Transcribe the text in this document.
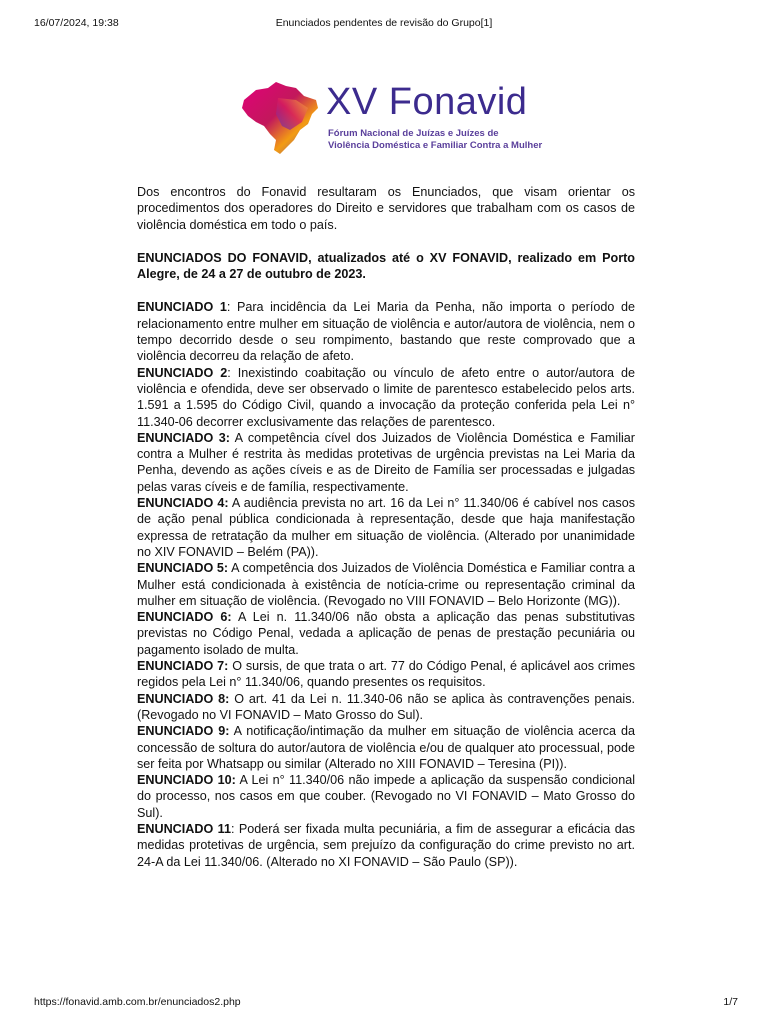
16/07/2024, 19:38	Enunciados pendentes de revisão do Grupo[1]
XV Fonavid
Fórum Nacional de Juízas e Juízes de
Violência Doméstica e Familiar Contra a Mulher

Dos encontros do Fonavid resultaram os Enunciados, que visam orientar os procedimentos dos operadores do Direito e servidores que trabalham com os casos de violência doméstica em todo o país.

ENUNCIADOS DO FONAVID, atualizados até o XV FONAVID, realizado em Porto Alegre, de 24 a 27 de outubro de 2023.

ENUNCIADO 1: Para incidência da Lei Maria da Penha, não importa o período de relacionamento entre mulher em situação de violência e autor/autora de violência, nem o tempo decorrido desde o seu rompimento, bastando que reste comprovado que a violência decorreu da relação de afeto.

ENUNCIADO 2: Inexistindo coabitação ou vínculo de afeto entre o autor/autora de violência e ofendida, deve ser observado o limite de parentesco estabelecido pelos arts. 1.591 a 1.595 do Código Civil, quando a invocação da proteção conferida pela Lei n° 11.340-06 decorrer exclusivamente das relações de parentesco.

ENUNCIADO 3: A competência cível dos Juizados de Violência Doméstica e Familiar contra a Mulher é restrita às medidas protetivas de urgência previstas na Lei Maria da Penha, devendo as ações cíveis e as de Direito de Família ser processadas e julgadas pelas varas cíveis e de família, respectivamente.

ENUNCIADO 4: A audiência prevista no art. 16 da Lei n° 11.340/06 é cabível nos casos de ação penal pública condicionada à representação, desde que haja manifestação expressa de retratação da mulher em situação de violência. (Alterado por unanimidade no XIV FONAVID – Belém (PA)).

ENUNCIADO 5: A competência dos Juizados de Violência Doméstica e Familiar contra a Mulher está condicionada à existência de notícia-crime ou representação criminal da mulher em situação de violência. (Revogado no VIII FONAVID – Belo Horizonte (MG)).

ENUNCIADO 6: A Lei n. 11.340/06 não obsta a aplicação das penas substitutivas previstas no Código Penal, vedada a aplicação de penas de prestação pecuniária ou pagamento isolado de multa.

ENUNCIADO 7: O sursis, de que trata o art. 77 do Código Penal, é aplicável aos crimes regidos pela Lei n° 11.340/06, quando presentes os requisitos.

ENUNCIADO 8: O art. 41 da Lei n. 11.340-06 não se aplica às contravenções penais. (Revogado no VI FONAVID – Mato Grosso do Sul).

ENUNCIADO 9: A notificação/intimação da mulher em situação de violência acerca da concessão de soltura do autor/autora de violência e/ou de qualquer ato processual, pode ser feita por Whatsapp ou similar (Alterado no XIII FONAVID – Teresina (PI)).

ENUNCIADO 10: A Lei n° 11.340/06 não impede a aplicação da suspensão condicional do processo, nos casos em que couber. (Revogado no VI FONAVID – Mato Grosso do Sul).

ENUNCIADO 11: Poderá ser fixada multa pecuniária, a fim de assegurar a eficácia das medidas protetivas de urgência, sem prejuízo da configuração do crime previsto no art. 24-A da Lei 11.340/06. (Alterado no XI FONAVID – São Paulo (SP)).

https://fonavid.amb.com.br/enunciados2.php	1/7
